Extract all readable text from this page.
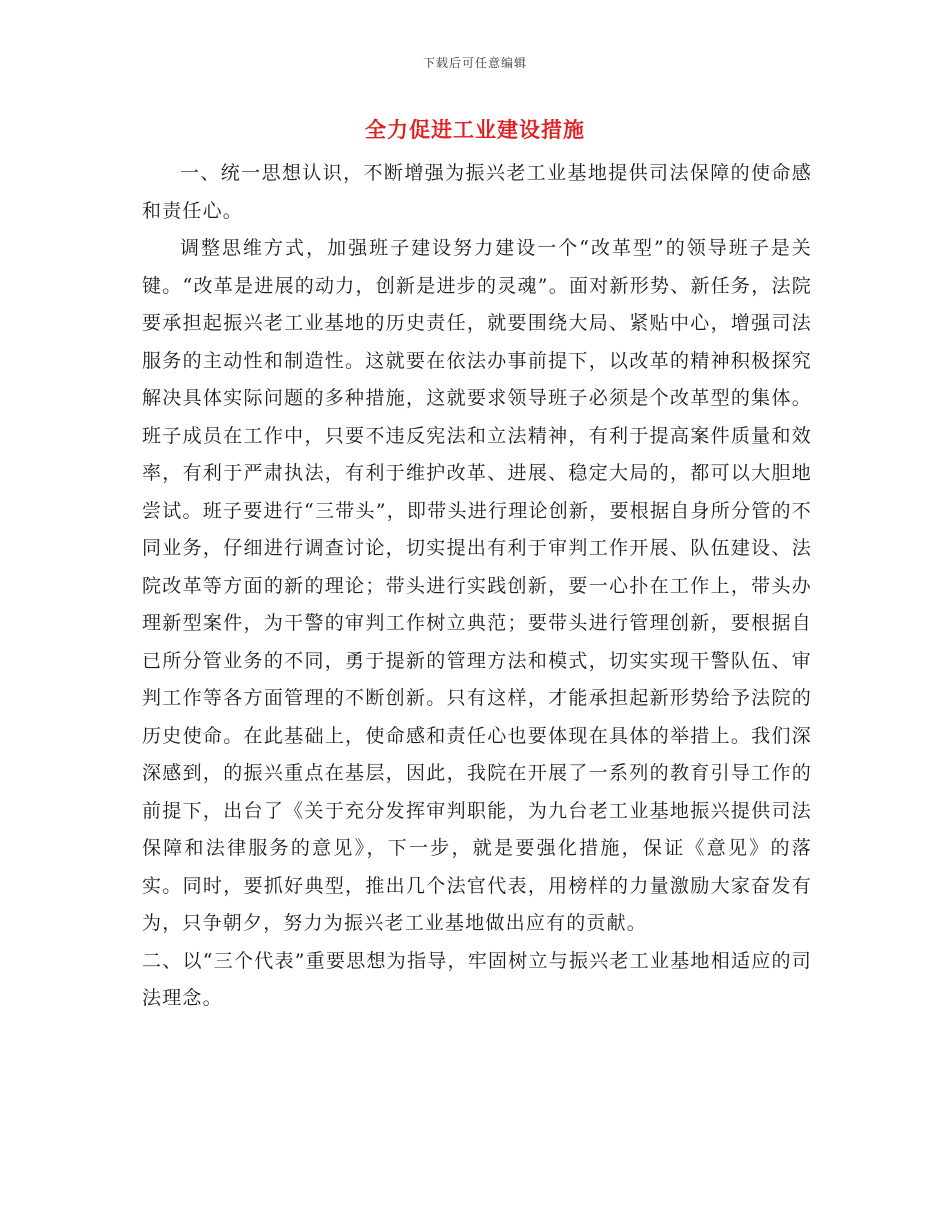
下载后可任意编辑
全力促进工业建设措施

一、统一思想认识，不断增强为振兴老工业基地提供司法保障的使命感和责任心。

调整思维方式，加强班子建设努力建设一个“改革型”的领导班子是关键。“改革是进展的动力，创新是进步的灵魂”。面对新形势、新任务，法院要承担起振兴老工业基地的历史责任，就要围绕大局、紧贴中心，增强司法服务的主动性和制造性。这就要在依法办事前提下，以改革的精神积极探究解决具体实际问题的多种措施，这就要求领导班子必须是个改革型的集体。班子成员在工作中，只要不违反宪法和立法精神，有利于提高案件质量和效率，有利于严肃执法，有利于维护改革、进展、稳定大局的，都可以大胆地尝试。班子要进行“三带头”，即带头进行理论创新，要根据自身所分管的不同业务，仔细进行调查讨论，切实提出有利于审判工作开展、队伍建设、法院改革等方面的新的理论；带头进行实践创新，要一心扑在工作上，带头办理新型案件，为干警的审判工作树立典范；要带头进行管理创新，要根据自已所分管业务的不同，勇于提新的管理方法和模式，切实实现干警队伍、审判工作等各方面管理的不断创新。只有这样，才能承担起新形势给予法院的历史使命。在此基础上，使命感和责任心也要体现在具体的举措上。我们深深感到，的振兴重点在基层，因此，我院在开展了一系列的教育引导工作的前提下，出台了《关于充分发挥审判职能，为九台老工业基地振兴提供司法保障和法律服务的意见》，下一步，就是要强化措施，保证《意见》的落实。同时，要抓好典型，推出几个法官代表，用榜样的力量激励大家奋发有为，只争朝夕，努力为振兴老工业基地做出应有的贡献。

二、以“三个代表”重要思想为指导，牢固树立与振兴老工业基地相适应的司法理念。
